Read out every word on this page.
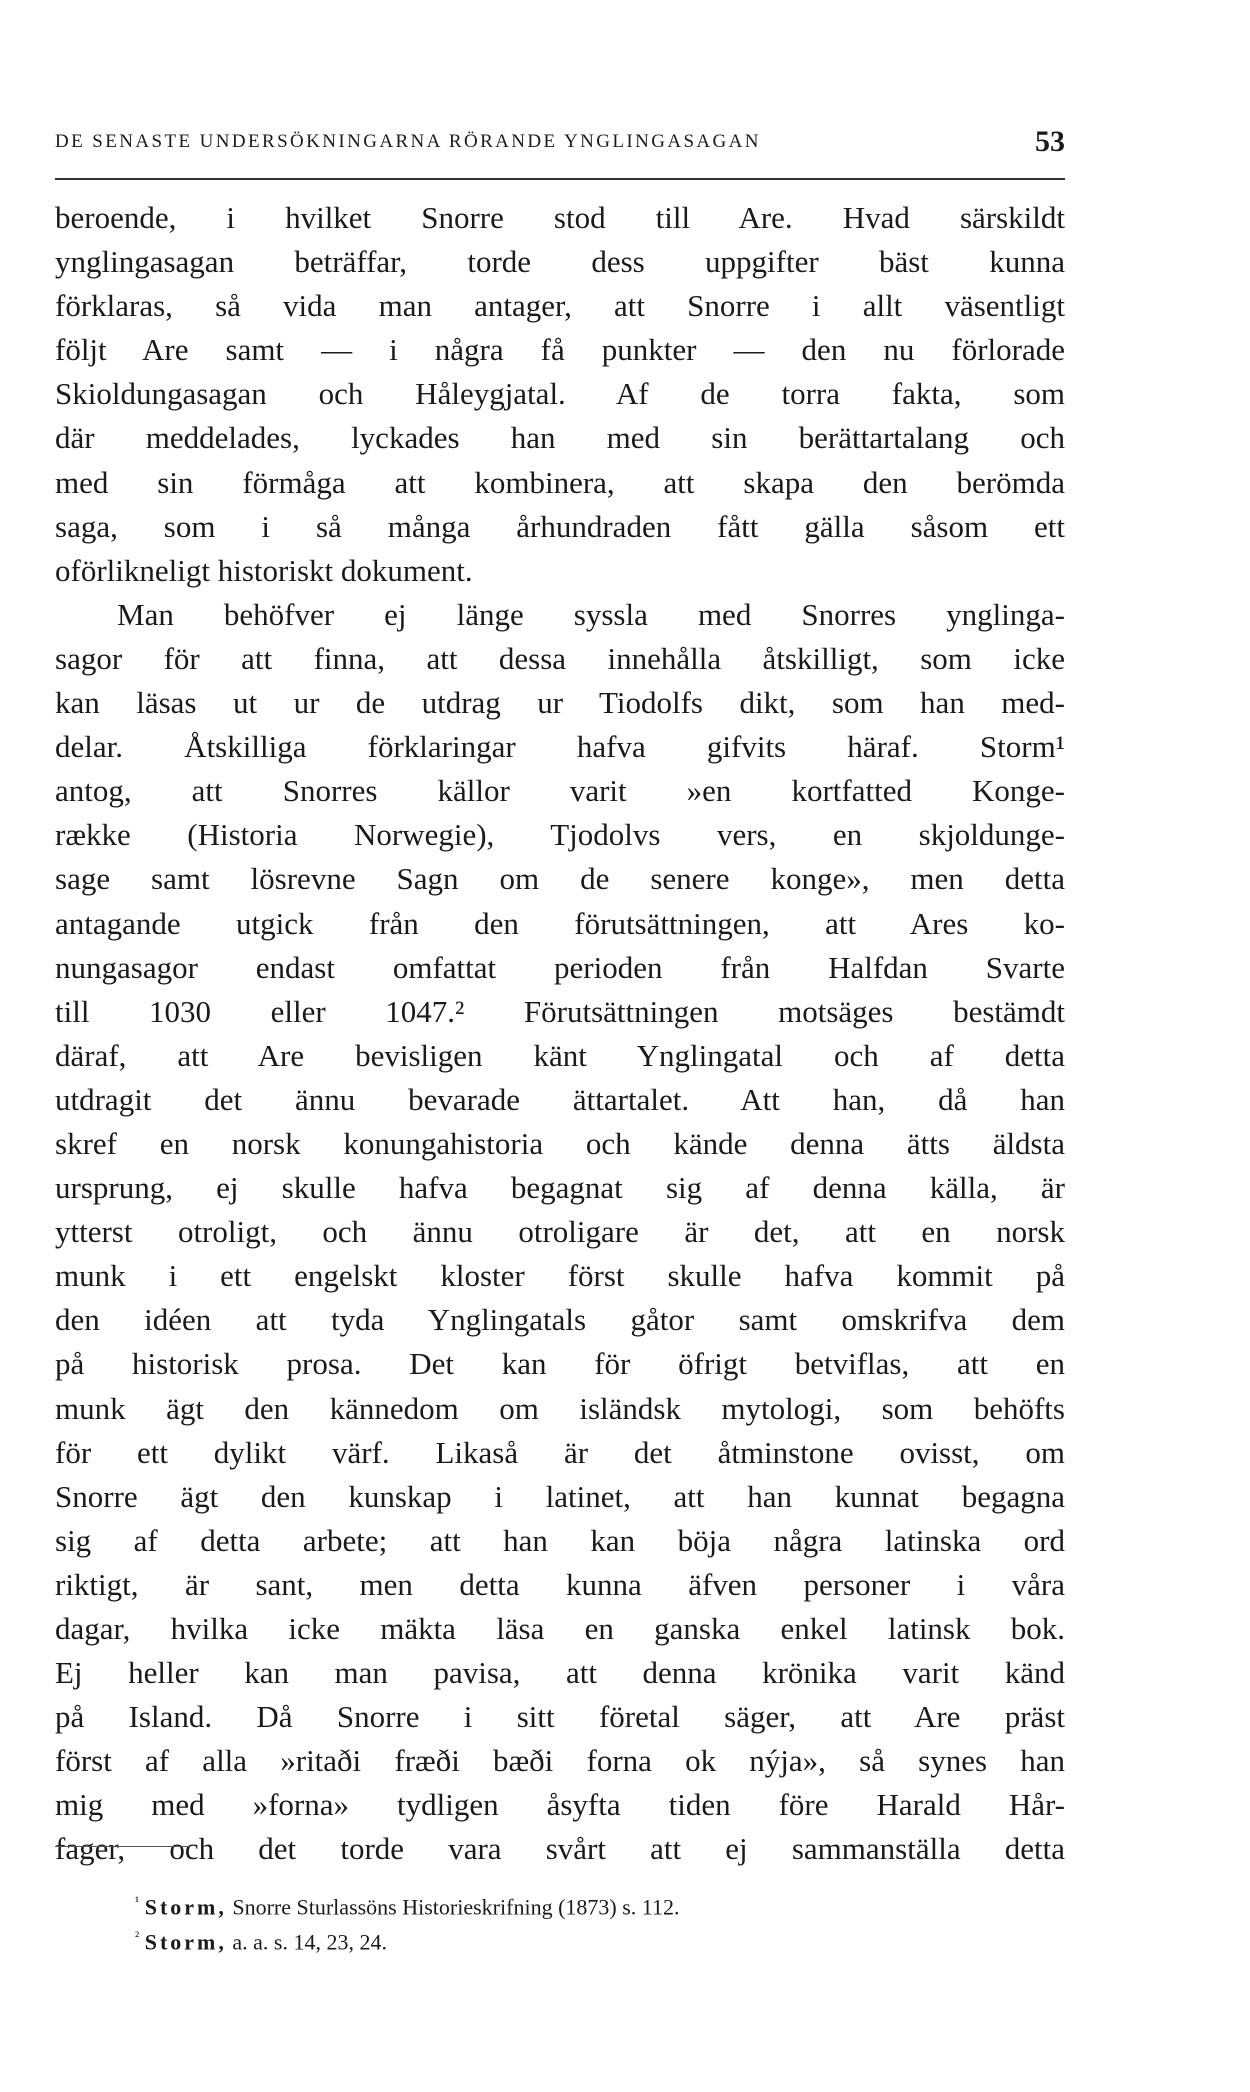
DE SENASTE UNDERSÖKNINGARNA RÖRANDE YNGLINGASAGAN	53
beroende, i hvilket Snorre stod till Are. Hvad särskildt
ynglingasagan beträffar, torde dess uppgifter bäst kunna
förklaras, så vida man antager, att Snorre i allt väsentligt
följt Are samt — i några få punkter — den nu förlorade
Skioldungasagan och Håleygjatal. Af de torra fakta, som
där meddelades, lyckades han med sin berättartalang och
med sin förmåga att kombinera, att skapa den berömda
saga, som i så många århundraden fått gälla såsom ett
oförlikneligt historiskt dokument.
Man behöfver ej länge syssla med Snorres ynglinga-
sagor för att finna, att dessa innehålla åtskilligt, som icke
kan läsas ut ur de utdrag ur Tiodolfs dikt, som han med-
delar. Åtskilliga förklaringar hafva gifvits häraf. Storm¹
antog, att Snorres källor varit »en kortfatted Konge-
række (Historia Norwegie), Tjodolvs vers, en skjoldunge-
sage samt lösrevne Sagn om de senere konge», men detta
antagande utgick från den förutsättningen, att Ares ko-
nungasagor endast omfattat perioden från Halfdan Svarte
till 1030 eller 1047.² Förutsättningen motsäges bestämdt
däraf, att Are bevisligen känt Ynglingatal och af detta
utdragit det ännu bevarade ättartalet. Att han, då han
skref en norsk konungahistoria och kände denna ätts äldsta
ursprung, ej skulle hafva begagnat sig af denna källa, är
ytterst otroligt, och ännu otroligare är det, att en norsk
munk i ett engelskt kloster först skulle hafva kommit på
den idéen att tyda Ynglingatals gåtor samt omskrifva dem
på historisk prosa. Det kan för öfrigt betviflas, att en
munk ägt den kännedom om isländsk mytologi, som behöfts
för ett dylikt värf. Likaså är det åtminstone ovisst, om
Snorre ägt den kunskap i latinet, att han kunnat begagna
sig af detta arbete; att han kan böja några latinska ord
riktigt, är sant, men detta kunna äfven personer i våra
dagar, hvilka icke mäkta läsa en ganska enkel latinsk bok.
Ej heller kan man pavisa, att denna krönika varit känd
på Island. Då Snorre i sitt företal säger, att Are präst
först af alla »ritaði fræði bæði forna ok nýja», så synes han
mig med »forna» tydligen åsyfta tiden före Harald Hår-
fager, och det torde vara svårt att ej sammanställa detta
$^{^1}$ Storm, Snorre Sturlassöns Historieskrifning (1873) s. 112.
$^{^2}$ Storm, a. a. s. 14, 23, 24.
